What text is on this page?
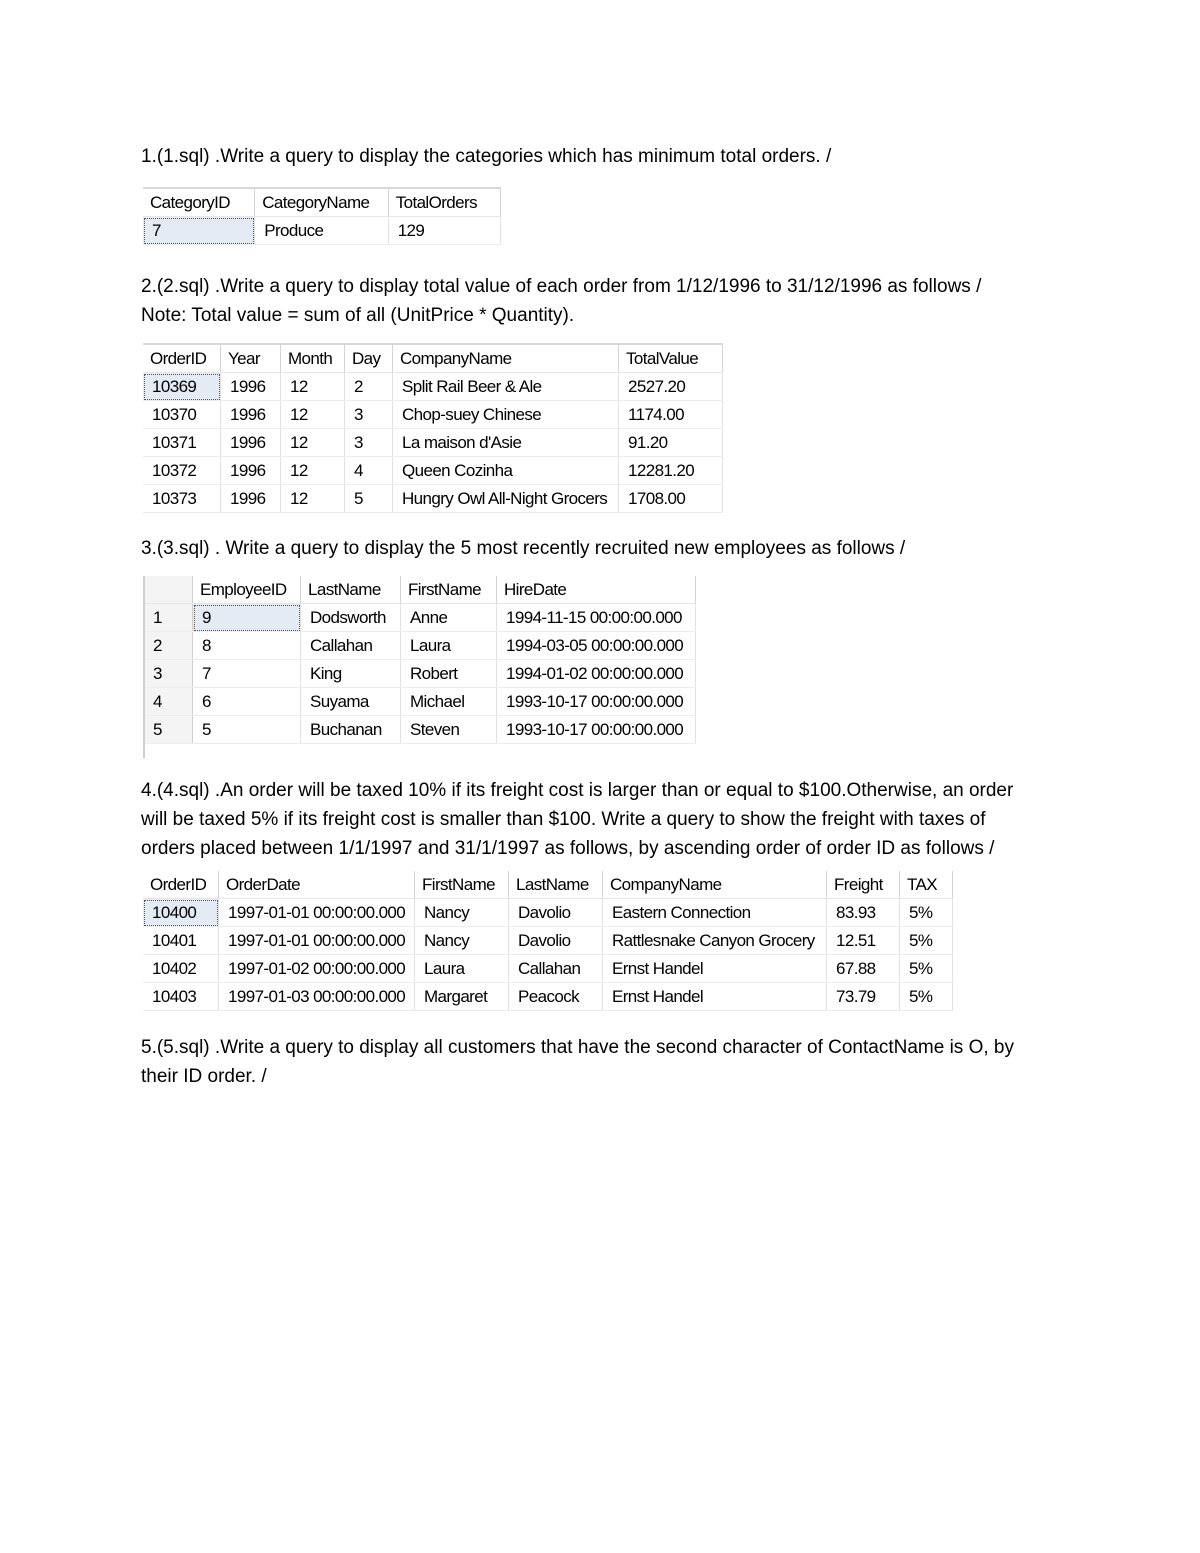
1.(1.sql) .Write a query to display the categories which has minimum total orders. /

CategoryID	CategoryName	TotalOrders
7	Produce	129

2.(2.sql) .Write a query to display total value of each order from 1/12/1996 to 31/12/1996 as follows /

Note: Total value = sum of all (UnitPrice * Quantity).

OrderID	Year	Month	Day	CompanyName	TotalValue
10369	1996	12	2	Split Rail Beer & Ale	2527.20
10370	1996	12	3	Chop-suey Chinese	1174.00
10371	1996	12	3	La maison d'Asie	91.20
10372	1996	12	4	Queen Cozinha	12281.20
10373	1996	12	5	Hungry Owl All-Night Grocers	1708.00

3.(3.sql) . Write a query to display the 5 most recently recruited new employees as follows /

	EmployeeID	LastName	FirstName	HireDate
1	9	Dodsworth	Anne	1994-11-15 00:00:00.000
2	8	Callahan	Laura	1994-03-05 00:00:00.000
3	7	King	Robert	1994-01-02 00:00:00.000
4	6	Suyama	Michael	1993-10-17 00:00:00.000
5	5	Buchanan	Steven	1993-10-17 00:00:00.000

4.(4.sql) .An order will be taxed 10% if its freight cost is larger than or equal to $100.Otherwise, an order

will be taxed 5% if its freight cost is smaller than $100. Write a query to show the freight with taxes of

orders placed between 1/1/1997 and 31/1/1997 as follows, by ascending order of order ID as follows /

OrderID	OrderDate	FirstName	LastName	CompanyName	Freight	TAX
10400	1997-01-01 00:00:00.000	Nancy	Davolio	Eastern Connection	83.93	5%
10401	1997-01-01 00:00:00.000	Nancy	Davolio	Rattlesnake Canyon Grocery	12.51	5%
10402	1997-01-02 00:00:00.000	Laura	Callahan	Ernst Handel	67.88	5%
10403	1997-01-03 00:00:00.000	Margaret	Peacock	Ernst Handel	73.79	5%

5.(5.sql) .Write a query to display all customers that have the second character of ContactName is O, by

their ID order. /
